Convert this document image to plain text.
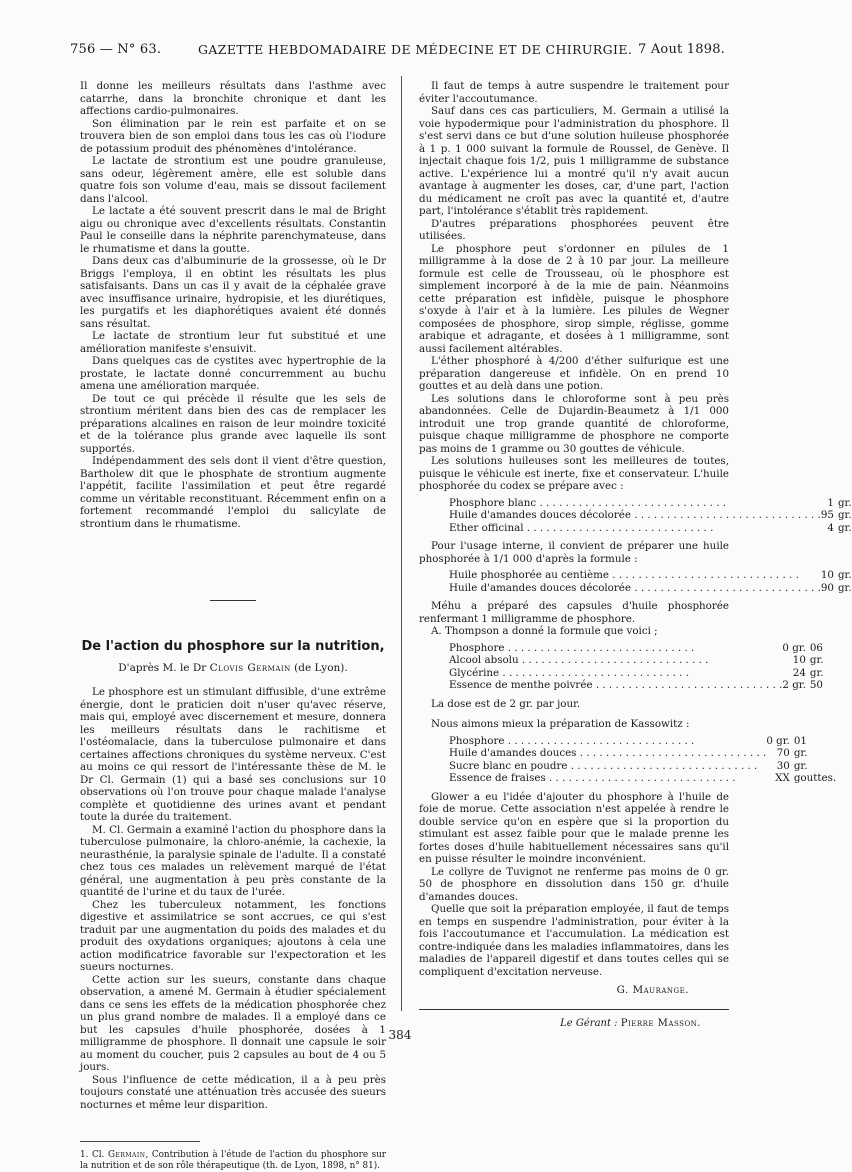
756 — N° 63.	GAZETTE HEBDOMADAIRE DE MÉDECINE ET DE CHIRURGIE. 7 Aout 1898.

Il donne les meilleurs résultats dans l'asthme avec catarrhe, dans la bronchite chronique et dant les affections cardio-pulmonaires.

Son élimination par le rein est parfaite et on se trouvera bien de son emploi dans tous les cas où l'iodure de potassium produit des phénomènes d'intolérance.

Le lactate de strontium est une poudre granuleuse, sans odeur, légèrement amère, elle est soluble dans quatre fois son volume d'eau, mais se dissout facilement dans l'alcool.

Le lactate a été souvent prescrit dans le mal de Bright aigu ou chronique avec d'excellents résultats. Constantin Paul le conseille dans la néphrite parenchymateuse, dans le rhumatisme et dans la goutte.

Dans deux cas d'albuminurie de la grossesse, où le Dr Briggs l'employa, il en obtint les résultats les plus satisfaisants. Dans un cas il y avait de la céphalée grave avec insuffisance urinaire, hydropisie, et les diurétiques, les purgatifs et les diaphorétiques avaient été donnés sans résultat.

Le lactate de strontium leur fut substitué et une amélioration manifeste s'ensuivit.

Dans quelques cas de cystites avec hypertrophie de la prostate, le lactate donné concurremment au buchu amena une amélioration marquée.

De tout ce qui précède il résulte que les sels de strontium méritent dans bien des cas de remplacer les préparations alcalines en raison de leur moindre toxicité et de la tolérance plus grande avec laquelle ils sont supportés.

Indépendamment des sels dont il vient d'être question, Bartholew dit que le phosphate de strontium augmente l'appétit, facilite l'assimilation et peut être regardé comme un véritable reconstituant. Récemment enfin on a fortement recommandé l'emploi du salicylate de strontium dans le rhumatisme.

De l'action du phosphore sur la nutrition,
D'après M. le Dr Clovis Germain (de Lyon).

Le phosphore est un stimulant diffusible, d'une extrême énergie, dont le praticien doit n'user qu'avec réserve, mais qui, employé avec discernement et mesure, donnera les meilleurs résultats dans le rachitisme et l'ostéomalacie, dans la tuberculose pulmonaire et dans certaines affections chroniques du système nerveux. C'est au moins ce qui ressort de l'intéressante thèse de M. le Dr Cl. Germain (1) qui a basé ses conclusions sur 10 observations où l'on trouve pour chaque malade l'analyse complète et quotidienne des urines avant et pendant toute la durée du traitement.

M. Cl. Germain a examiné l'action du phosphore dans la tuberculose pulmonaire, la chloro-anémie, la cachexie, la neurasthénie, la paralysie spinale de l'adulte. Il a constaté chez tous ces malades un relèvement marqué de l'état général, une augmentation à peu près constante de la quantité de l'urine et du taux de l'urée.

Chez les tuberculeux notamment, les fonctions digestive et assimilatrice se sont accrues, ce qui s'est traduit par une augmentation du poids des malades et du produit des oxydations organiques; ajoutons à cela une action modificatrice favorable sur l'expectoration et les sueurs nocturnes.

Cette action sur les sueurs, constante dans chaque observation, a amené M. Germain à étudier spécialement dans ce sens les effets de la médication phosphorée chez un plus grand nombre de malades. Il a employé dans ce but les capsules d'huile phosphorée, dosées à 1 milligramme de phosphore. Il donnait une capsule le soir au moment du coucher, puis 2 capsules au bout de 4 ou 5 jours.

Sous l'influence de cette médication, il a à peu près toujours constaté une atténuation très accusée des sueurs nocturnes et même leur disparition.

1. Cl. Germain, Contribution à l'étude de l'action du phosphore sur la nutrition et de son rôle thérapeutique (th. de Lyon, 1898, n° 81).

Il faut de temps à autre suspendre le traitement pour éviter l'accoutumance.

Sauf dans ces cas particuliers, M. Germain a utilisé la voie hypodermique pour l'administration du phosphore. Il s'est servi dans ce but d'une solution huileuse phosphorée à 1 p. 1 000 suivant la formule de Roussel, de Genève. Il injectait chaque fois 1/2, puis 1 milligramme de substance active. L'expérience lui a montré qu'il n'y avait aucun avantage à augmenter les doses, car, d'une part, l'action du médicament ne croît pas avec la quantité et, d'autre part, l'intolérance s'établit très rapidement.

D'autres préparations phosphorées peuvent être utilisées.

Le phosphore peut s'ordonner en pilules de 1 milligramme à la dose de 2 à 10 par jour. La meilleure formule est celle de Trousseau, où le phosphore est simplement incorporé à de la mie de pain. Néanmoins cette préparation est infidèle, puisque le phosphore s'oxyde à l'air et à la lumière. Les pilules de Wegner composées de phosphore, sirop simple, réglisse, gomme arabique et adragante, et dosées à 1 milligramme, sont aussi facilement altérables.

L'éther phosphoré à 4/200 d'éther sulfurique est une préparation dangereuse et infidèle. On en prend 10 gouttes et au delà dans une potion.

Les solutions dans le chloroforme sont à peu près abandonnées. Celle de Dujardin-Beaumetz à 1/1 000 introduit une trop grande quantité de chloroforme, puisque chaque milligramme de phosphore ne comporte pas moins de 1 gramme ou 30 gouttes de véhicule.

Les solutions huileuses sont les meilleures de toutes, puisque le véhicule est inerte, fixe et conservateur. L'huile phosphorée du codex se prépare avec :

Phosphore blanc . . .	1	gr.
Huile d'amandes douces décolorée . . .	95	gr.
Ether officinal . . .	4	gr.

Pour l'usage interne, il convient de préparer une huile phosphorée à 1/1 000 d'après la formule :

Huile phosphorée au centième . . .	10	gr.
Huile d'amandes douces décolorée . . .	90	gr.

Méhu a préparé des capsules d'huile phosphorée renfermant 1 milligramme de phosphore.

A. Thompson a donné la formule que voici ;

Phosphore . . .	0 gr.	06
Alcool absolu . . .	10	gr.
Glycérine . . .	24	gr.
Essence de menthe poivrée . . .	2 gr.	50

La dose est de 2 gr. par jour.

Nous aimons mieux la préparation de Kassowitz :

Phosphore . . .	0 gr.	01
Huile d'amandes douces . . .	70	gr.
Sucre blanc en poudre . . .	30	gr.
Essence de fraises . . .	XX	gouttes.

Glower a eu l'idée d'ajouter du phosphore à l'huile de foie de morue. Cette association n'est appelée à rendre le double service qu'on en espère que si la proportion du stimulant est assez faible pour que le malade prenne les fortes doses d'huile habituellement nécessaires sans qu'il en puisse résulter le moindre inconvénient.

Le collyre de Tuvignot ne renferme pas moins de 0 gr. 50 de phosphore en dissolution dans 150 gr. d'huile d'amandes douces.

Quelle que soit la préparation employée, il faut de temps en temps en suspendre l'administration, pour éviter à la fois l'accoutumance et l'accumulation. La médication est contre-indiquée dans les maladies inflammatoires, dans les maladies de l'appareil digestif et dans toutes celles qui se compliquent d'excitation nerveuse.

G. Maurange.

Le Gérant : Pierre Masson.
384
